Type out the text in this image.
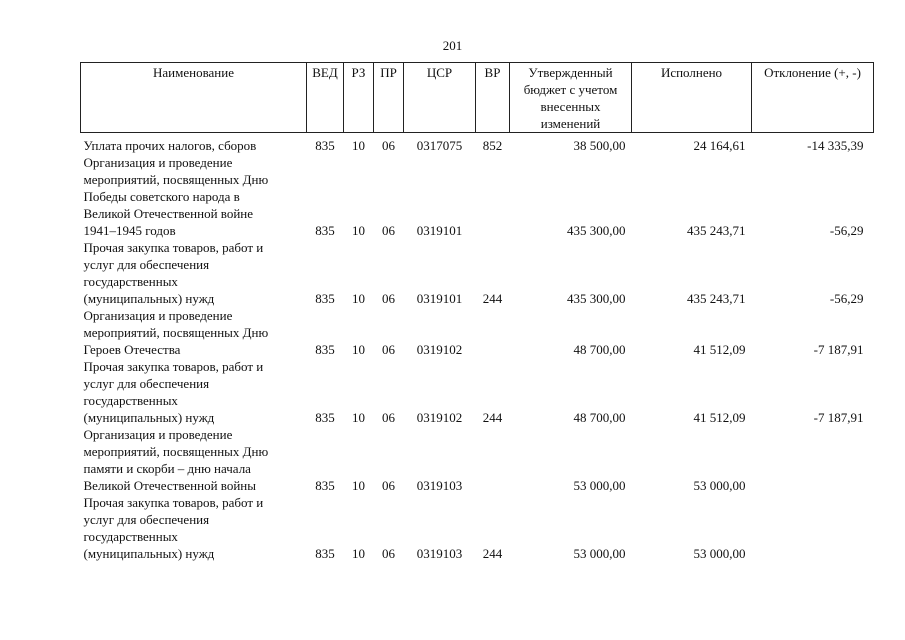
201
Наименование	ВЕД	РЗ	ПР	ЦСР	ВР	Утвержденный бюджет с учетом внесенных изменений	Исполнено	Отклонение (+, -)

Уплата прочих налогов, сборов	835	10	06	0317075	852	38 500,00	24 164,61	-14 335,39

Организация и проведение
мероприятий, посвященных Дню
Победы советского народа в
Великой Отечественной войне
1941–1945 годов	835	10	06	0319101		435 300,00	435 243,71	-56,29

Прочая закупка товаров, работ и
услуг для обеспечения
государственных
(муниципальных) нужд	835	10	06	0319101	244	435 300,00	435 243,71	-56,29

Организация и проведение
мероприятий, посвященных Дню
Героев Отечества	835	10	06	0319102		48 700,00	41 512,09	-7 187,91

Прочая закупка товаров, работ и
услуг для обеспечения
государственных
(муниципальных) нужд	835	10	06	0319102	244	48 700,00	41 512,09	-7 187,91

Организация и проведение
мероприятий, посвященных Дню
памяти и скорби – дню начала
Великой Отечественной войны	835	10	06	0319103		53 000,00	53 000,00	

Прочая закупка товаров, работ и
услуг для обеспечения
государственных
(муниципальных) нужд	835	10	06	0319103	244	53 000,00	53 000,00	
